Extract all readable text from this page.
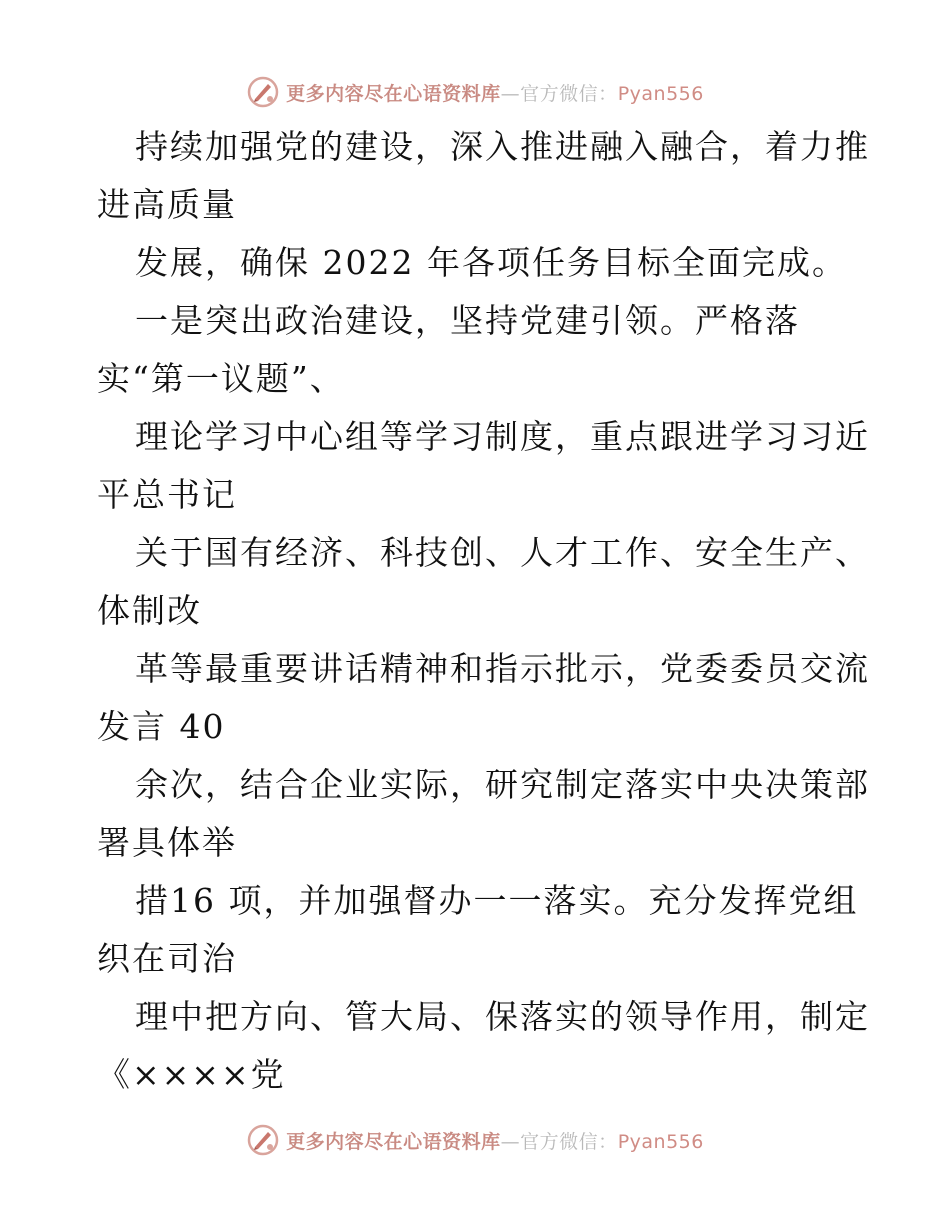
更多内容尽在心语资料库—官方微信：Pyan556
持续加强党的建设，深入推进融入融合，着力推
进高质量
发展，确保 2022 年各项任务目标全面完成。
一是突出政治建设，坚持党建引领。严格落
实“第一议题”、
理论学习中心组等学习制度，重点跟进学习习近
平总书记
关于国有经济、科技创、人才工作、安全生产、
体制改
革等最重要讲话精神和指示批示，党委委员交流
发言 40
余次，结合企业实际，研究制定落实中央决策部
署具体举
措16 项，并加强督办一一落实。充分发挥党组
织在司治
理中把方向、管大局、保落实的领导作用，制定
《××××党
更多内容尽在心语资料库—官方微信：Pyan556
